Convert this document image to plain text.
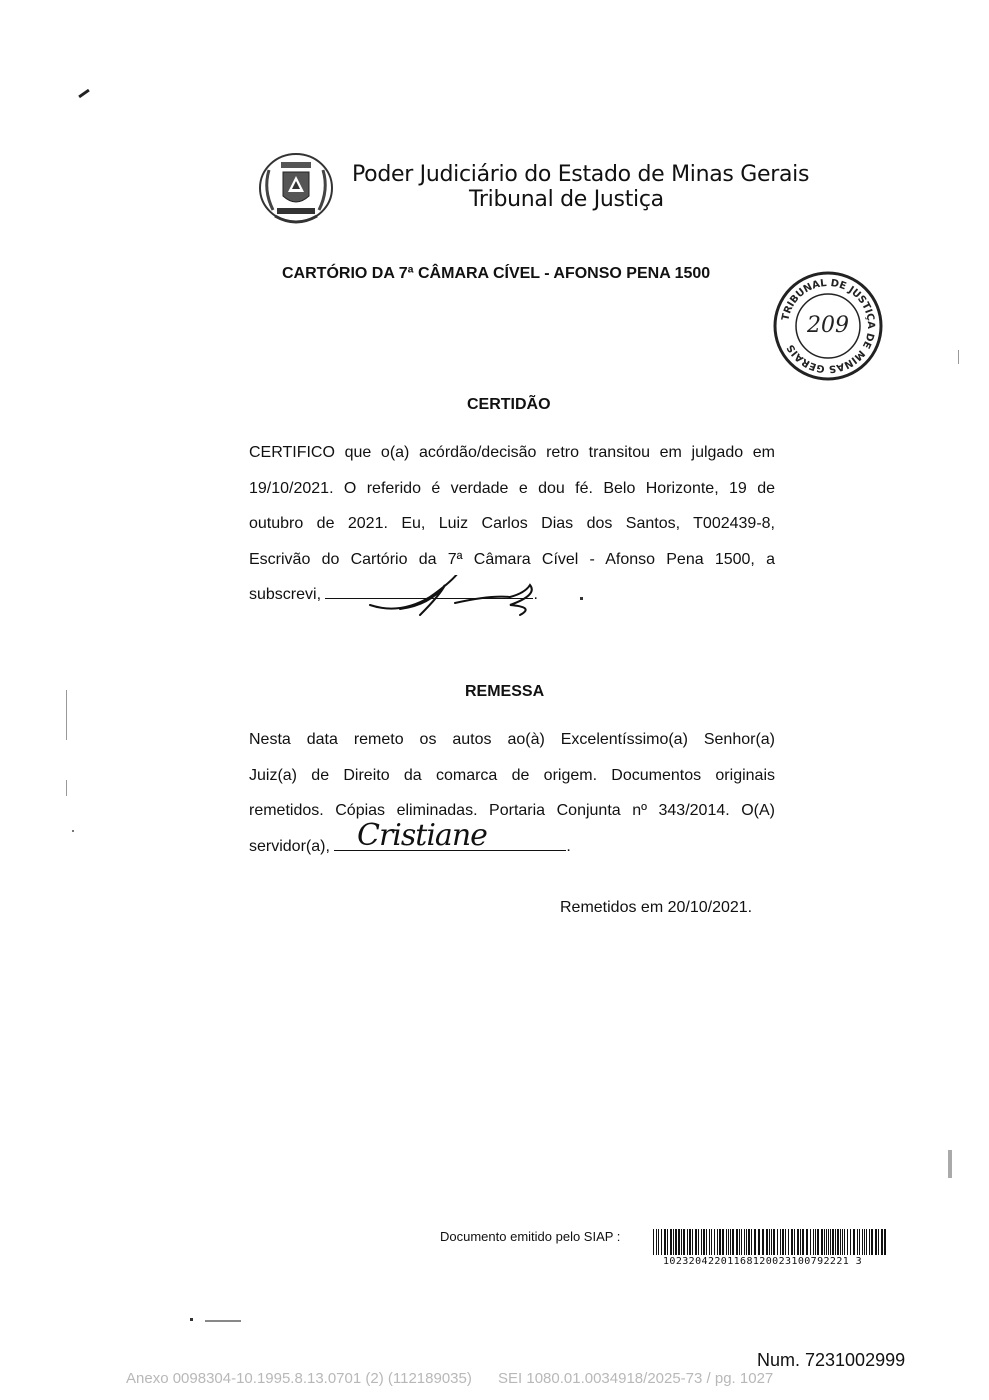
Poder Judiciário do Estado de Minas Gerais
Tribunal de Justiça
CARTÓRIO DA 7ª CÂMARA CÍVEL - AFONSO PENA 1500
TRIBUNAL DE JUSTIÇA DE MINAS GERAIS
209
CERTIDÃO
CERTIFICO que o(a) acórdão/decisão retro transitou em julgado em
19/10/2021. O referido é verdade e dou fé. Belo Horizonte, 19 de
outubro de 2021. Eu, Luiz Carlos Dias dos Santos, T002439-8,
Escrivão do Cartório da 7ª Câmara Cível - Afonso Pena 1500, a
subscrevi,	.
REMESSA
Nesta data remeto os autos ao(à) Excelentíssimo(a) Senhor(a)
Juiz(a) de Direito da comarca de origem. Documentos originais
remetidos. Cópias eliminadas. Portaria Conjunta nº 343/2014. O(A)
servidor(a),	.
Cristiane
Remetidos em 20/10/2021.
Documento emitido pelo SIAP :
10232042201168120023100792221 3
Num. 7231002999
Anexo 0098304-10.1995.8.13.0701 (2) (112189035) SEI 1080.01.0034918/2025-73 / pg. 1027
